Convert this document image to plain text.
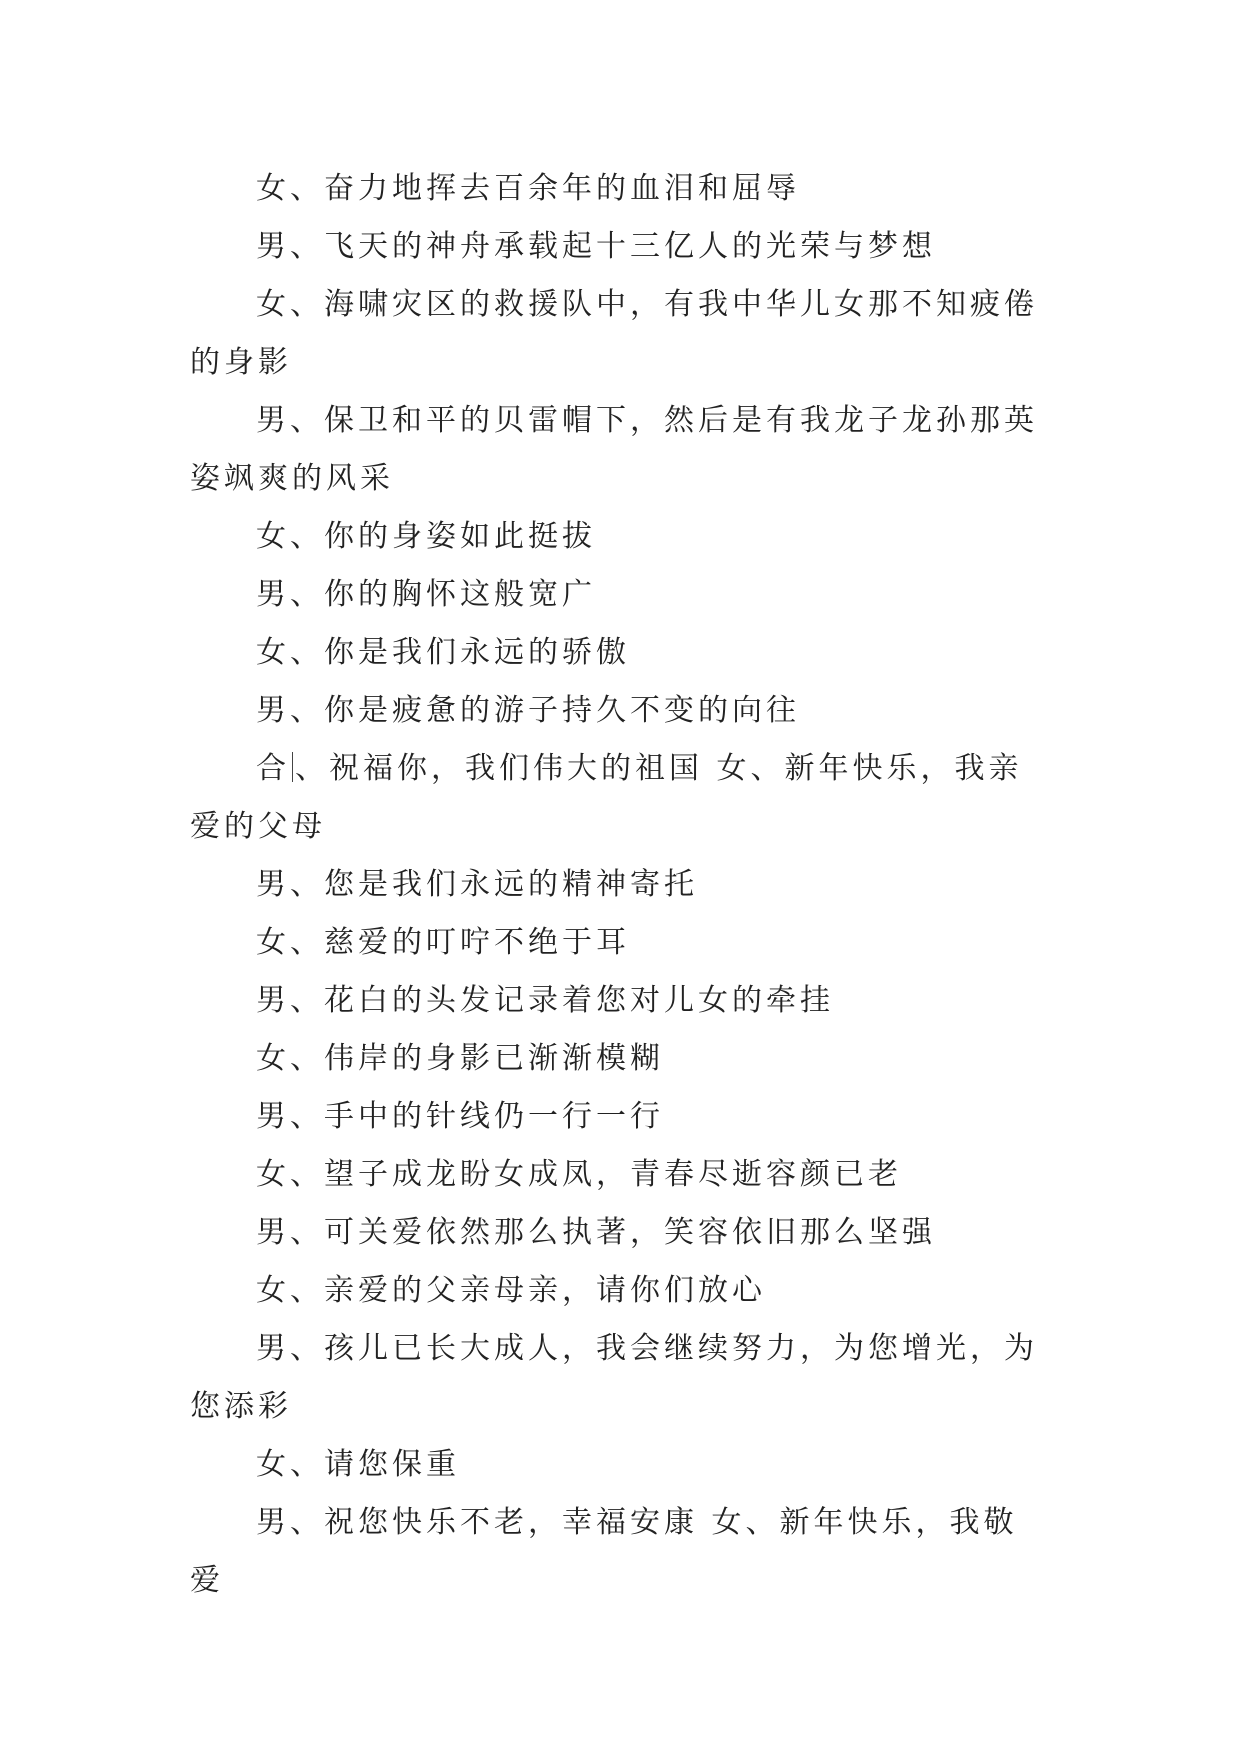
女、奋力地挥去百余年的血泪和屈辱

男、飞天的神舟承载起十三亿人的光荣与梦想

女、海啸灾区的救援队中，有我中华儿女那不知疲倦的身影

男、保卫和平的贝雷帽下，然后是有我龙子龙孙那英姿飒爽的风采

女、你的身姿如此挺拔

男、你的胸怀这般宽广

女、你是我们永远的骄傲

男、你是疲惫的游子持久不变的向往

合 、祝福你，我们伟大的祖国 女、新年快乐，我亲爱的父母

男、您是我们永远的精神寄托

女、慈爱的叮咛不绝于耳

男、花白的头发记录着您对儿女的牵挂

女、伟岸的身影已渐渐模糊

男、手中的针线仍一行一行

女、望子成龙盼女成凤，青春尽逝容颜已老

男、可关爱依然那么执著，笑容依旧那么坚强

女、亲爱的父亲母亲，请你们放心

男、孩儿已长大成人，我会继续努力，为您增光，为您添彩

女、请您保重

男、祝您快乐不老，幸福安康 女、新年快乐，我敬爱
